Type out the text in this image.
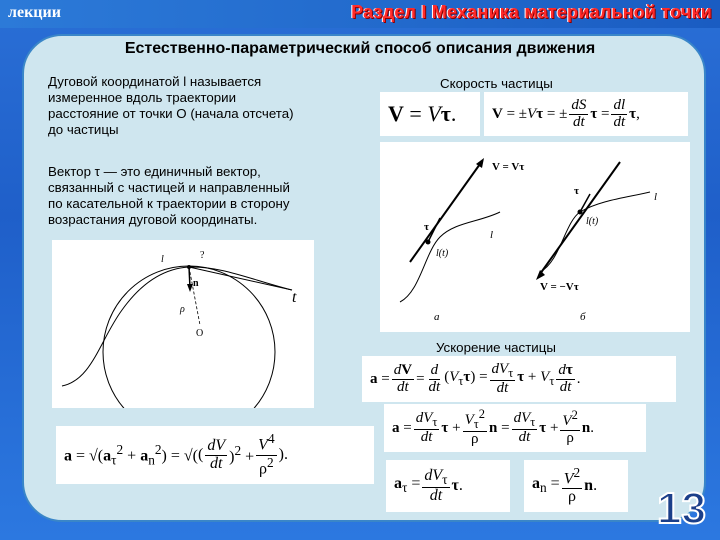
лекции	Раздел I Механика материальной точки
Естественно-параметрический способ описания движения
Дуговой координатой l называется
измеренное вдоль траектории
расстояние от точки О (начала отсчета)
до частицы
Вектор τ — это единичный вектор,
связанный с частицей и направленный
по касательной к траектории в сторону
возрастания дуговой координаты.
Скорость частицы
V = Vτ. V = ±Vτ = ± $\frac{dS}{dt}$ $\tau = \frac{dl}{dt} \tau$,
l	?
n
ρ
O
t
V = Vτ
τ
l(t)
l
а
τ
l(t)
l
V = −Vτ
б
Ускорение частицы
$a = \frac{dV}{dt} = \frac{d}{dt} (V_\tau\tau) = \frac{dV_\tau}{dt}$ $\tau + V_\tau \frac{d\tau}{dt}$ .
$a = \frac{dV_\tau}{dt}$ $\tau + \frac{V_\tau^2}{\rho}$ $n = \frac{dV_\tau}{dt}$ $\tau + \frac{V^2}{\rho} n$.
$a = √(a_\tau^2 + a_n^2)$ = √( ( $\frac{dV}{dt} )^2 + \frac{V^4}{\rho^2}$ ).
$a_\tau = \frac{dV_\tau}{dt} \tau$.	$a_n = \frac{V^2}{\rho} n$. 13
